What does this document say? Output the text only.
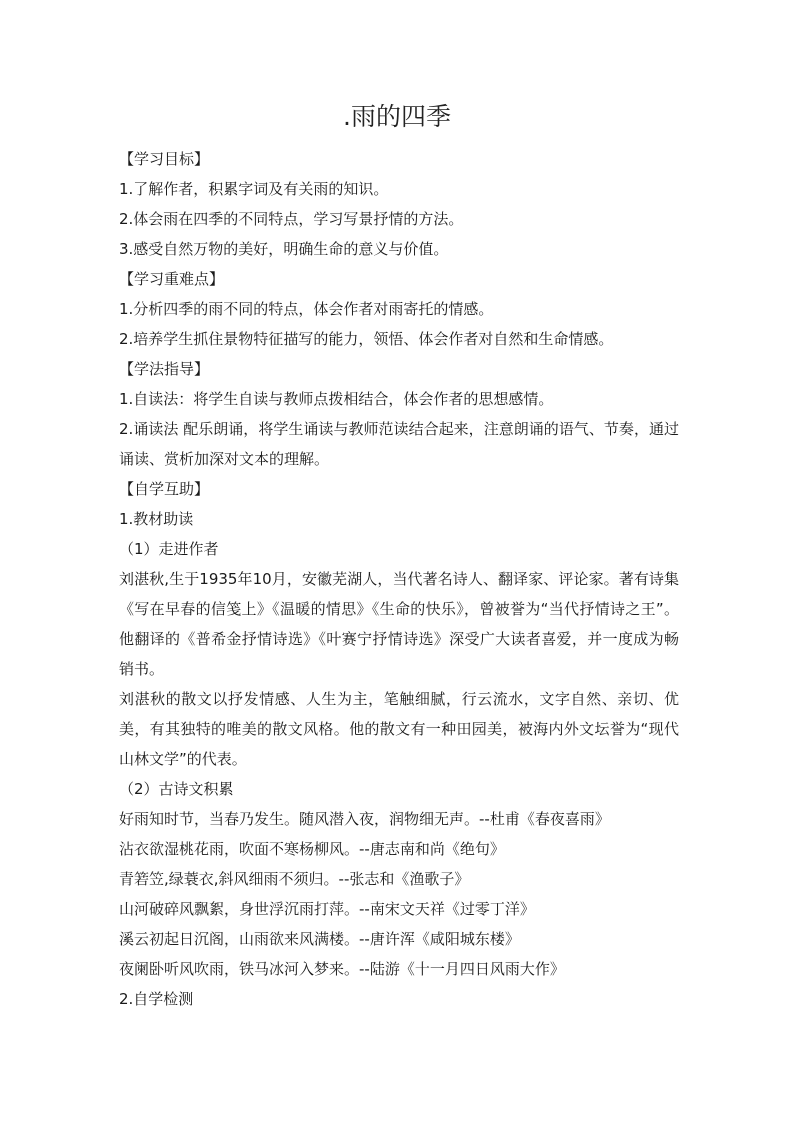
.雨的四季
【学习目标】
1.了解作者，积累字词及有关雨的知识。
2.体会雨在四季的不同特点，学习写景抒情的方法。
3.感受自然万物的美好，明确生命的意义与价值。
【学习重难点】
1.分析四季的雨不同的特点，体会作者对雨寄托的情感。
2.培养学生抓住景物特征描写的能力，领悟、体会作者对自然和生命情感。
【学法指导】
1.自读法：将学生自读与教师点拨相结合，体会作者的思想感情。
2.诵读法 配乐朗诵，将学生诵读与教师范读结合起来，注意朗诵的语气、节奏，通过诵读、赏析加深对文本的理解。
【自学互助】
1.教材助读
（1）走进作者
刘湛秋,生于1935年10月，安徽芜湖人，当代著名诗人、翻译家、评论家。著有诗集《写在早春的信笺上》《温暖的情思》《生命的快乐》，曾被誉为“当代抒情诗之王”。他翻译的《普希金抒情诗选》《叶赛宁抒情诗选》深受广大读者喜爱，并一度成为畅销书。
刘湛秋的散文以抒发情感、人生为主，笔触细腻，行云流水，文字自然、亲切、优美，有其独特的唯美的散文风格。他的散文有一种田园美，被海内外文坛誉为“现代山林文学”的代表。
（2）古诗文积累
好雨知时节，当春乃发生。随风潜入夜，润物细无声。--杜甫《春夜喜雨》
沾衣欲湿桃花雨，吹面不寒杨柳风。--唐志南和尚《绝句》
青箬笠,绿蓑衣,斜风细雨不须归。--张志和《渔歌子》
山河破碎风飘絮，身世浮沉雨打萍。--南宋文天祥《过零丁洋》
溪云初起日沉阁，山雨欲来风满楼。--唐许浑《咸阳城东楼》
夜阑卧听风吹雨，铁马冰河入梦来。--陆游《十一月四日风雨大作》
2.自学检测
